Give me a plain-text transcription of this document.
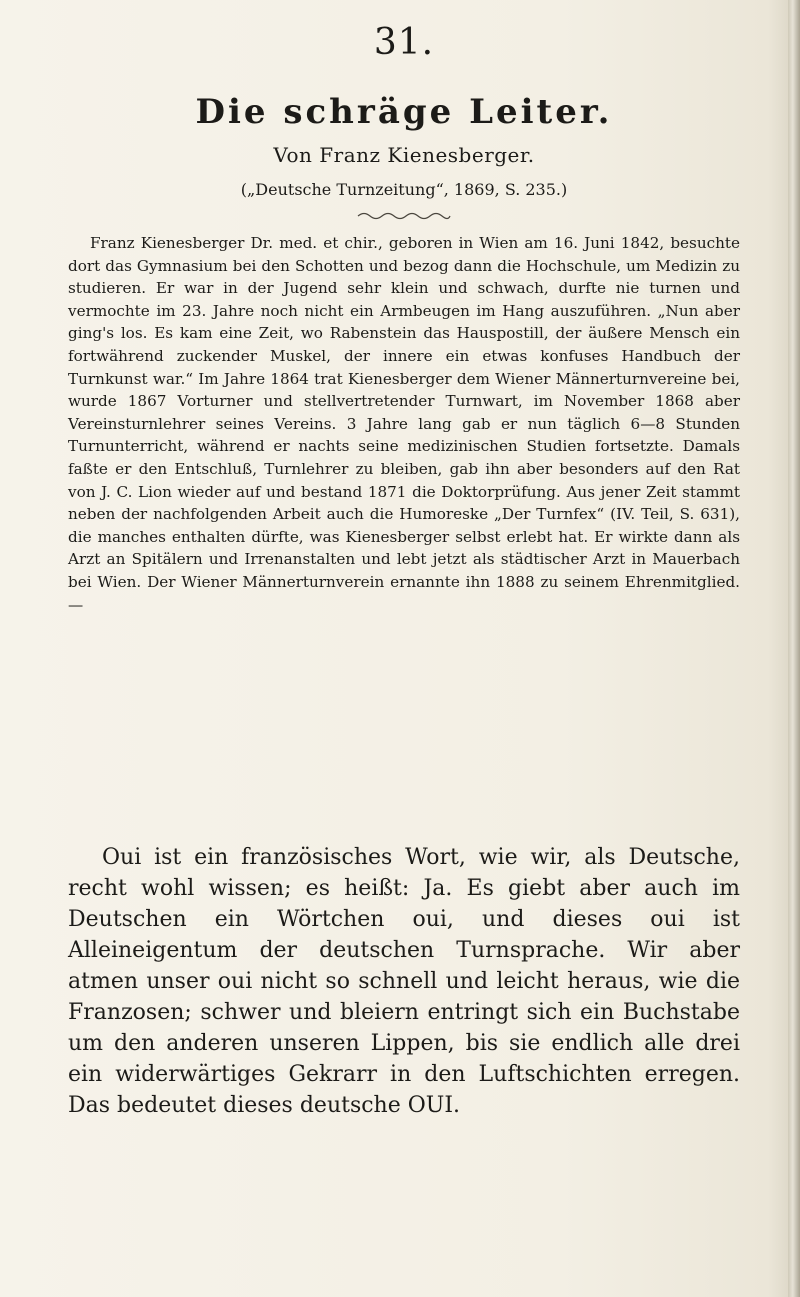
31.
Die schräge Leiter.
Von Franz Kienesberger.
(„Deutsche Turnzeitung“, 1869, S. 235.)

Franz Kienesberger Dr. med. et chir., geboren in Wien am 16. Juni 1842, besuchte dort das Gymnasium bei den Schotten und bezog dann die Hochschule, um Medizin zu studieren. Er war in der Jugend sehr klein und schwach, durfte nie turnen und vermochte im 23. Jahre noch nicht ein Armbeugen im Hang auszuführen. „Nun aber ging's los. Es kam eine Zeit, wo Rabenstein das Hauspostill, der äußere Mensch ein fortwährend zuckender Muskel, der innere ein etwas konfuses Handbuch der Turnkunst war.“ Im Jahre 1864 trat Kienesberger dem Wiener Männerturnvereine bei, wurde 1867 Vorturner und stellvertretender Turnwart, im November 1868 aber Vereinsturnlehrer seines Vereins. 3 Jahre lang gab er nun täglich 6—8 Stunden Turnunterricht, während er nachts seine medizinischen Studien fortsetzte. Damals faßte er den Entschluß, Turnlehrer zu bleiben, gab ihn aber besonders auf den Rat von J. C. Lion wieder auf und bestand 1871 die Doktorprüfung. Aus jener Zeit stammt neben der nachfolgenden Arbeit auch die Humoreske „Der Turnfex“ (IV. Teil, S. 631), die manches enthalten dürfte, was Kienesberger selbst erlebt hat. Er wirkte dann als Arzt an Spitälern und Irrenanstalten und lebt jetzt als städtischer Arzt in Mauerbach bei Wien. Der Wiener Männerturnverein ernannte ihn 1888 zu seinem Ehrenmitglied. —

Oui ist ein französisches Wort, wie wir, als Deutsche, recht wohl wissen; es heißt: Ja. Es giebt aber auch im Deutschen ein Wörtchen oui, und dieses oui ist Alleineigentum der deutschen Turnsprache. Wir aber atmen unser oui nicht so schnell und leicht heraus, wie die Franzosen; schwer und bleiern entringt sich ein Buchstabe um den anderen unseren Lippen, bis sie endlich alle drei ein widerwärtiges Gekrarr in den Luftschichten erregen. Das bedeutet dieses deutsche OUI.
